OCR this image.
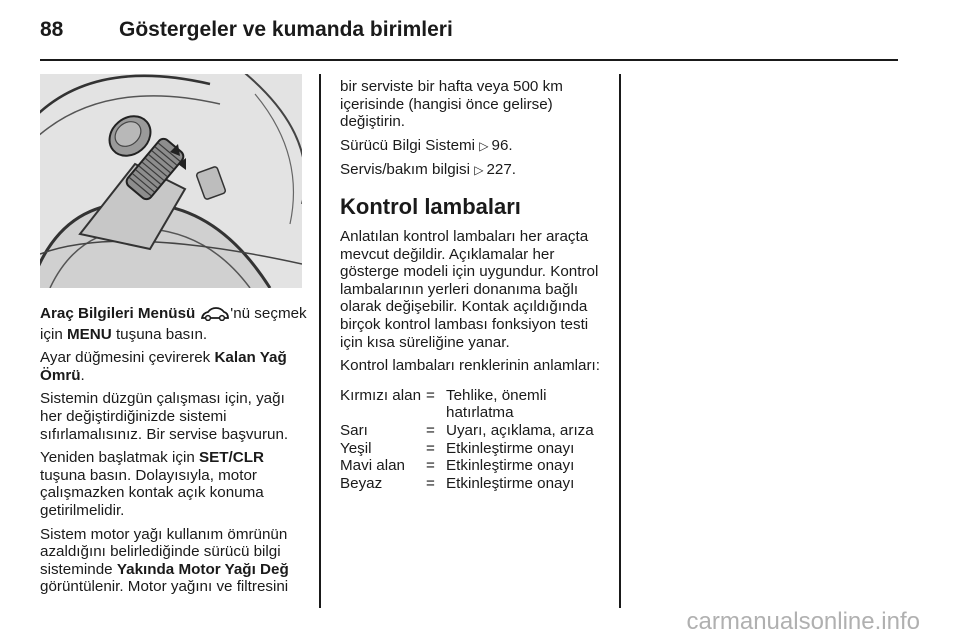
88	Göstergeler ve kumanda birimleri

Araç Bilgileri Menüsü 'nü seçmek için MENU tuşuna basın.

Ayar düğmesini çevirerek Kalan Yağ Ömrü.

Sistemin düzgün çalışması için, yağı her değiştirdiğinizde sistemi sıfırlamalısınız. Bir servise başvurun.

Yeniden başlatmak için SET/CLR tuşuna basın. Dolayısıyla, motor çalışmazken kontak açık konuma getirilmelidir.

Sistem motor yağı kullanım ömrünün azaldığını belirlediğinde sürücü bilgi sisteminde Yakında Motor Yağı Değ görüntülenir. Motor yağını ve filtresini

bir serviste bir hafta veya 500 km içerisinde (hangisi önce gelirse) değiştirin.

Sürücü Bilgi Sistemi ▷ 96.

Servis/bakım bilgisi ▷ 227.

Kontrol lambaları

Anlatılan kontrol lambaları her araçta mevcut değildir. Açıklamalar her gösterge modeli için uygundur. Kontrol lambalarının yerleri donanıma bağlı olarak değişebilir. Kontak açıldığında birçok kontrol lambası fonksiyon testi için kısa süreliğine yanar.

Kontrol lambaları renklerinin anlamları:

Kırmızı alan	=	Tehlike, önemli hatırlatma
Sarı	=	Uyarı, açıklama, arıza
Yeşil	=	Etkinleştirme onayı
Mavi alan	=	Etkinleştirme onayı
Beyaz	=	Etkinleştirme onayı
carmanualsonline.info
